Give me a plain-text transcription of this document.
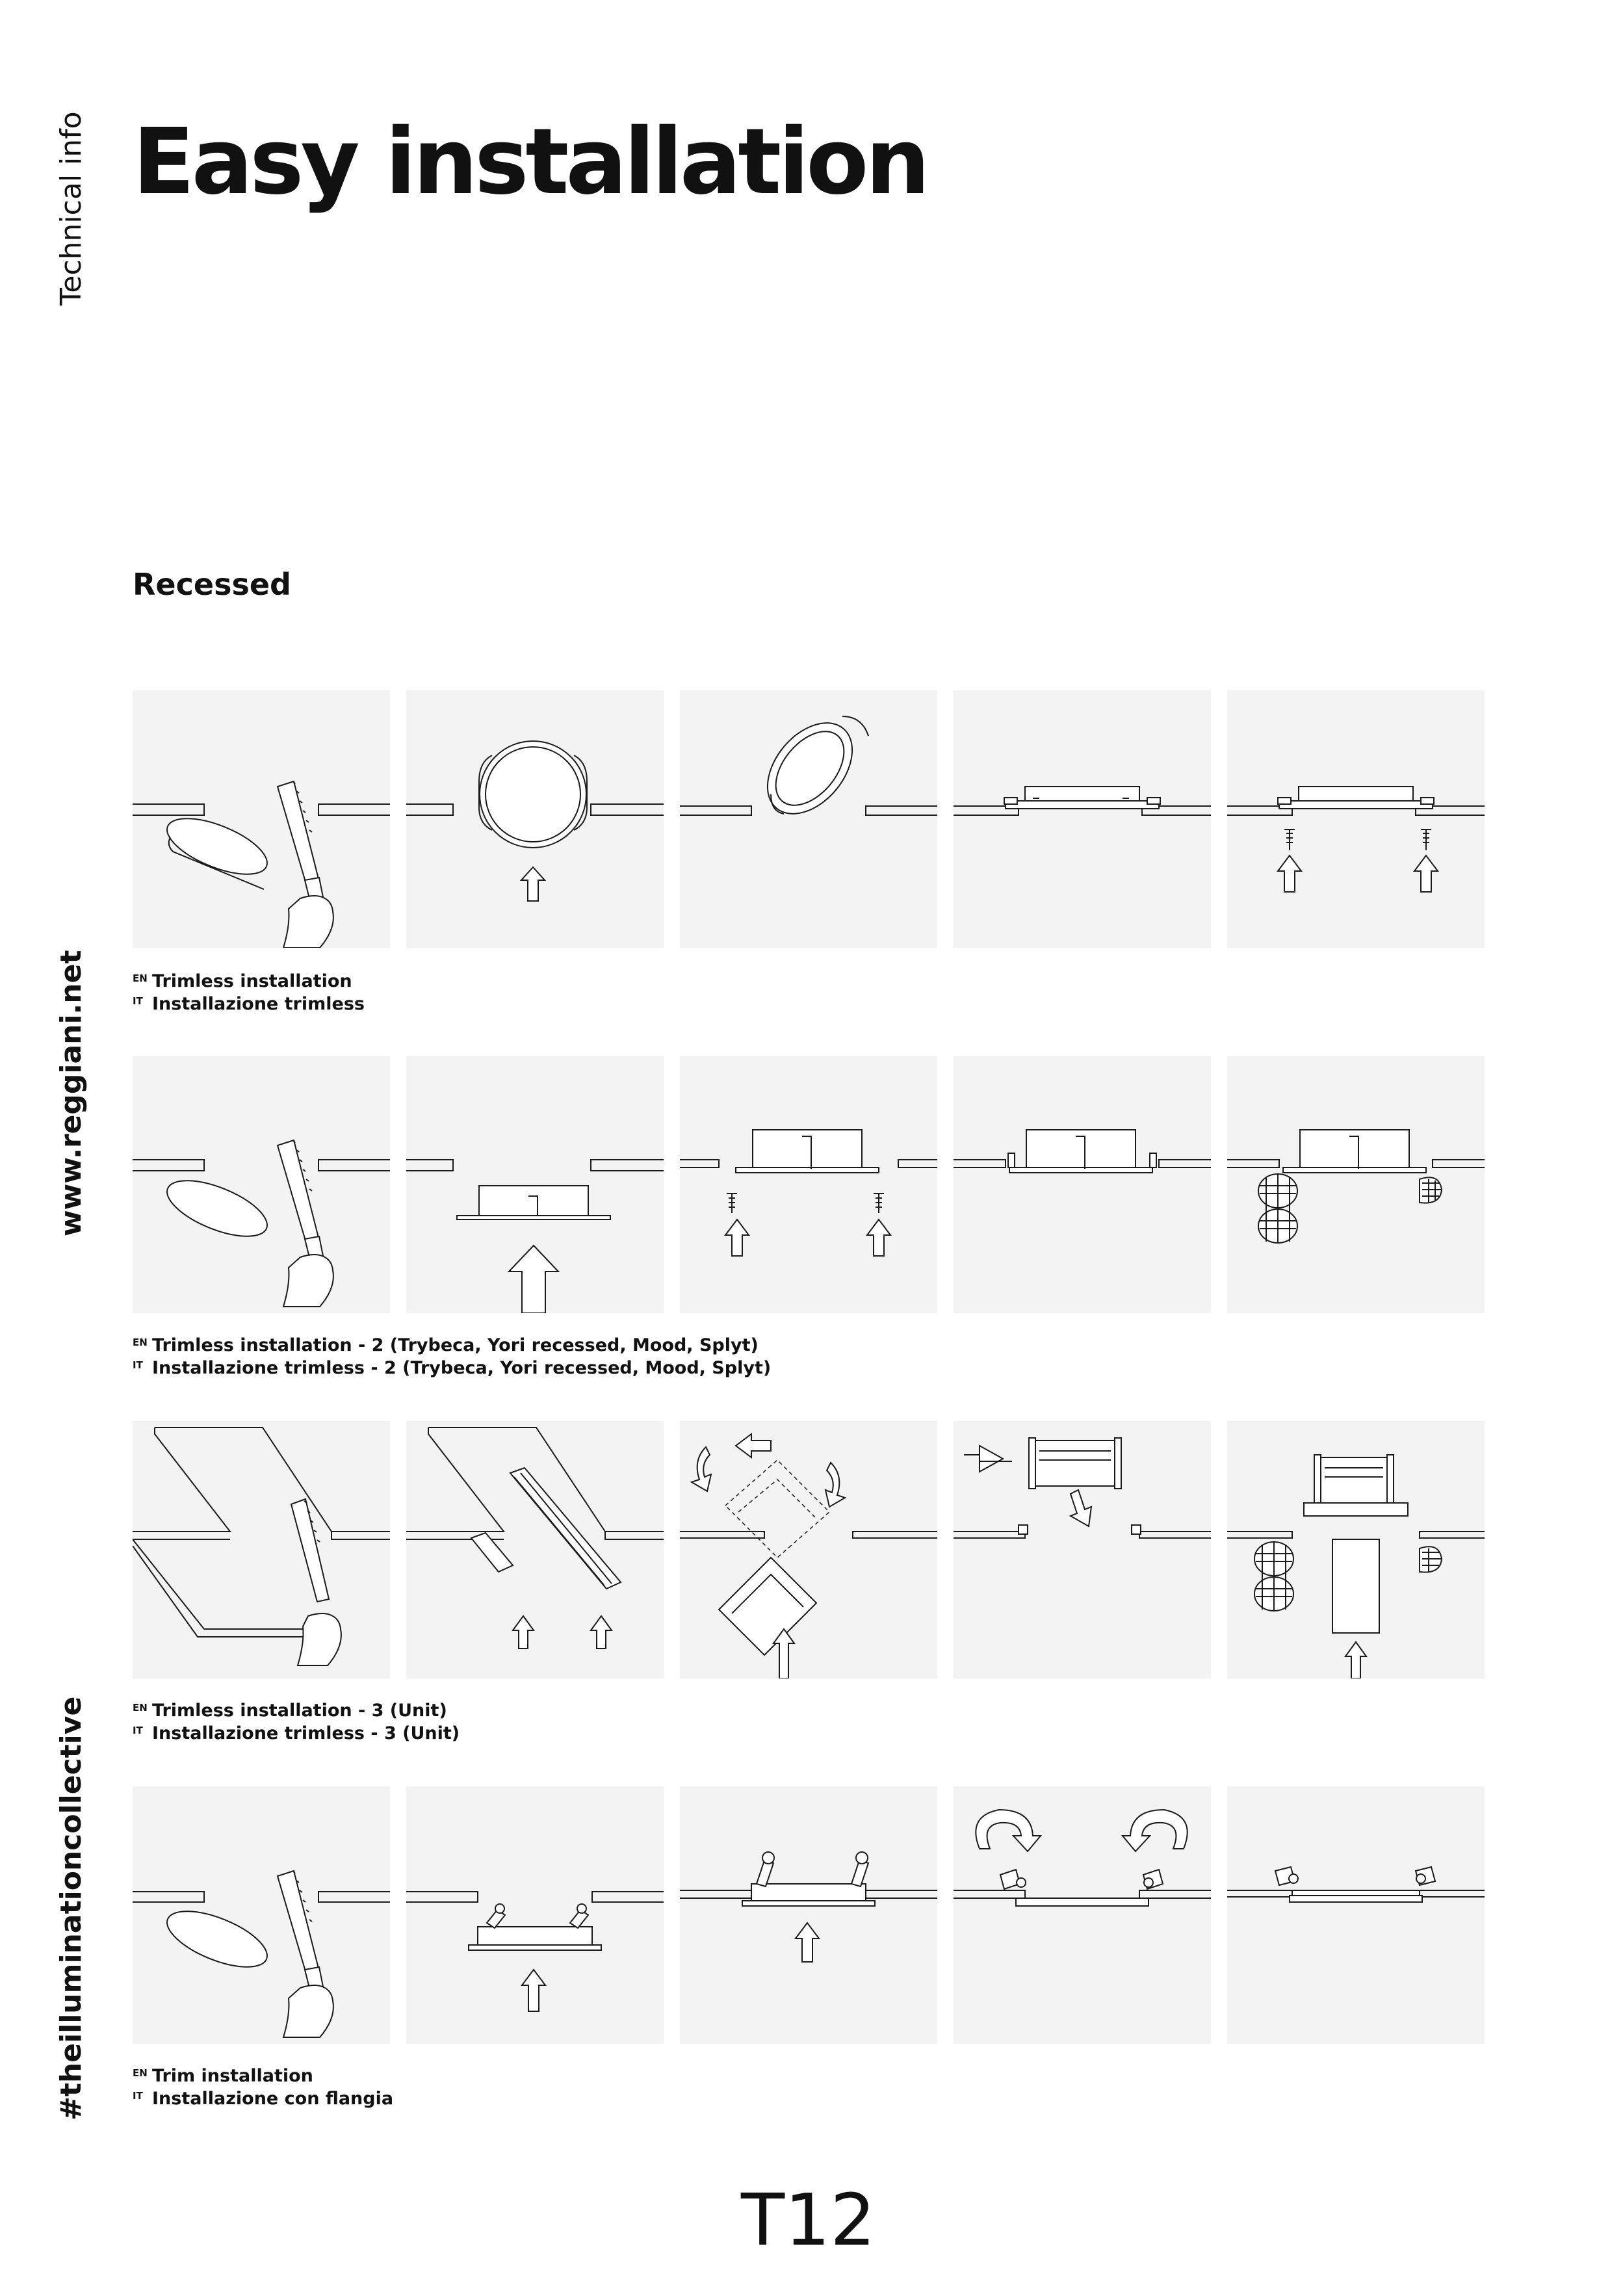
Technical info
www.reggiani.net
#theilluminationcollective
Easy installation
Recessed
EN Trimless installation
IT Installazione trimless
EN Trimless installation - 2 (Trybeca, Yori recessed, Mood, Splyt)
IT Installazione trimless - 2 (Trybeca, Yori recessed, Mood, Splyt)
EN Trimless installation - 3 (Unit)
IT Installazione trimless - 3 (Unit)
EN Trim installation
IT Installazione con flangia
T12
